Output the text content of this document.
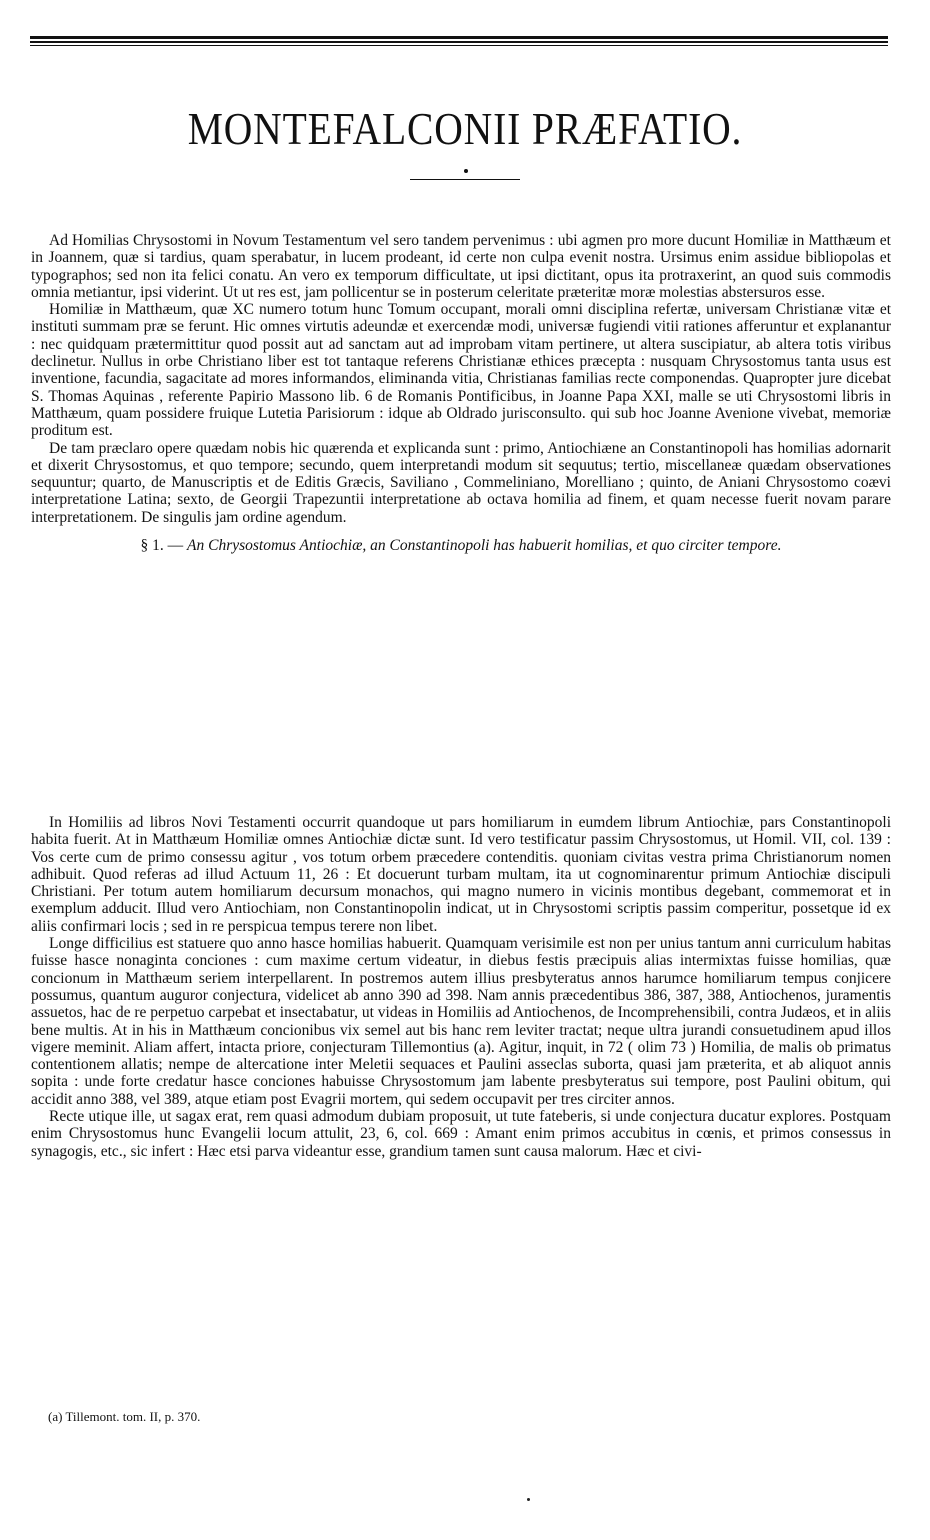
MONTEFALCONII PRÆFATIO.

Ad Homilias Chrysostomi in Novum Testamentum vel sero tandem pervenimus : ubi agmen pro more ducunt Homiliæ in Matthæum et in Joannem, quæ si tardius, quam sperabatur, in lucem prodeant, id certe non culpa evenit nostra. Ursimus enim assidue bibliopolas et typographos; sed non ita felici conatu. An vero ex temporum difficultate, ut ipsi dictitant, opus ita protraxerint, an quod suis commodis omnia metiantur, ipsi viderint. Ut ut res est, jam pollicentur se in posterum celeritate præteritæ moræ molestias abstersuros esse.

Homiliæ in Matthæum, quæ XC numero totum hunc Tomum occupant, morali omni disciplina refertæ, universam Christianæ vitæ et instituti summam præ se ferunt. Hic omnes virtutis adeundæ et exercendæ modi, universæ fugiendi vitii rationes afferuntur et explanantur : nec quidquam prætermittitur quod possit aut ad sanctam aut ad improbam vitam pertinere, ut altera suscipiatur, ab altera totis viribus declinetur. Nullus in orbe Christiano liber est tot tantaque referens Christianæ ethices præcepta : nusquam Chrysostomus tanta usus est inventione, facundia, sagacitate ad mores informandos, eliminanda vitia, Christianas familias recte componendas. Quapropter jure dicebat S. Thomas Aquinas , referente Papirio Massono lib. 6 de Romanis Pontificibus, in Joanne Papa XXI, malle se uti Chrysostomi libris in Matthæum, quam possidere fruique Lutetia Parisiorum : idque ab Oldrado jurisconsulto. qui sub hoc Joanne Avenione vivebat, memoriæ proditum est.

De tam præclaro opere quædam nobis hic quærenda et explicanda sunt : primo, Antiochiæne an Constantinopoli has homilias adornarit et dixerit Chrysostomus, et quo tempore; secundo, quem interpretandi modum sit sequutus; tertio, miscellaneæ quædam observationes sequuntur; quarto, de Manuscriptis et de Editis Græcis, Saviliano , Commeliniano, Morelliano ; quinto, de Aniani Chrysostomo coævi interpretatione Latina; sexto, de Georgii Trapezuntii interpretatione ab octava homilia ad finem, et quam necesse fuerit novam parare interpretationem. De singulis jam ordine agendum.

§ 1. — An Chrysostomus Antiochiæ, an Constantinopoli has habuerit homilias, et quo circiter tempore.

In Homiliis ad libros Novi Testamenti occurrit quandoque ut pars homiliarum in eumdem librum Antiochiæ, pars Constantinopoli habita fuerit. At in Matthæum Homiliæ omnes Antiochiæ dictæ sunt. Id vero testificatur passim Chrysostomus, ut Homil. VII, col. 139 : Vos certe cum de primo consessu agitur , vos totum orbem præcedere contenditis. quoniam civitas vestra prima Christianorum nomen adhibuit. Quod referas ad illud Actuum 11, 26 : Et docuerunt turbam multam, ita ut cognominarentur primum Antiochiæ discipuli Christiani. Per totum autem homiliarum decursum monachos, qui magno numero in vicinis montibus degebant, commemorat et in exemplum adducit. Illud vero Antiochiam, non Constantinopolin indicat, ut in Chrysostomi scriptis passim comperitur, possetque id ex aliis confirmari locis ; sed in re perspicua tempus terere non libet.

Longe difficilius est statuere quo anno hasce homilias habuerit. Quamquam verisimile est non per unius tantum anni curriculum habitas fuisse hasce nonaginta conciones : cum maxime certum videatur, in diebus festis præcipuis alias intermixtas fuisse homilias, quæ concionum in Matthæum seriem interpellarent. In postremos autem illius presbyteratus annos harumce homiliarum tempus conjicere possumus, quantum auguror conjectura, videlicet ab anno 390 ad 398. Nam annis præcedentibus 386, 387, 388, Antiochenos, juramentis assuetos, hac de re perpetuo carpebat et insectabatur, ut videas in Homiliis ad Antiochenos, de Incomprehensibili, contra Judæos, et in aliis bene multis. At in his in Matthæum concionibus vix semel aut bis hanc rem leviter tractat; neque ultra jurandi consuetudinem apud illos vigere meminit. Aliam affert, intacta priore, conjecturam Tillemontius (a). Agitur, inquit, in 72 ( olim 73 ) Homilia, de malis ob primatus contentionem allatis; nempe de altercatione inter Meletii sequaces et Paulini asseclas suborta, quasi jam præterita, et ab aliquot annis sopita : unde forte credatur hasce conciones habuisse Chrysostomum jam labente presbyteratus sui tempore, post Paulini obitum, qui accidit anno 388, vel 389, atque etiam post Evagrii mortem, qui sedem occupavit per tres circiter annos.

Recte utique ille, ut sagax erat, rem quasi admodum dubiam proposuit, ut tute fateberis, si unde conjectura ducatur explores. Postquam enim Chrysostomus hunc Evangelii locum attulit, 23, 6, col. 669 : Amant enim primos accubitus in cœnis, et primos consessus in synagogis, etc., sic infert : Hæc etsi parva videantur esse, grandium tamen sunt causa malorum. Hæc et civi-

(a) Tillemont. tom. II, p. 370.
